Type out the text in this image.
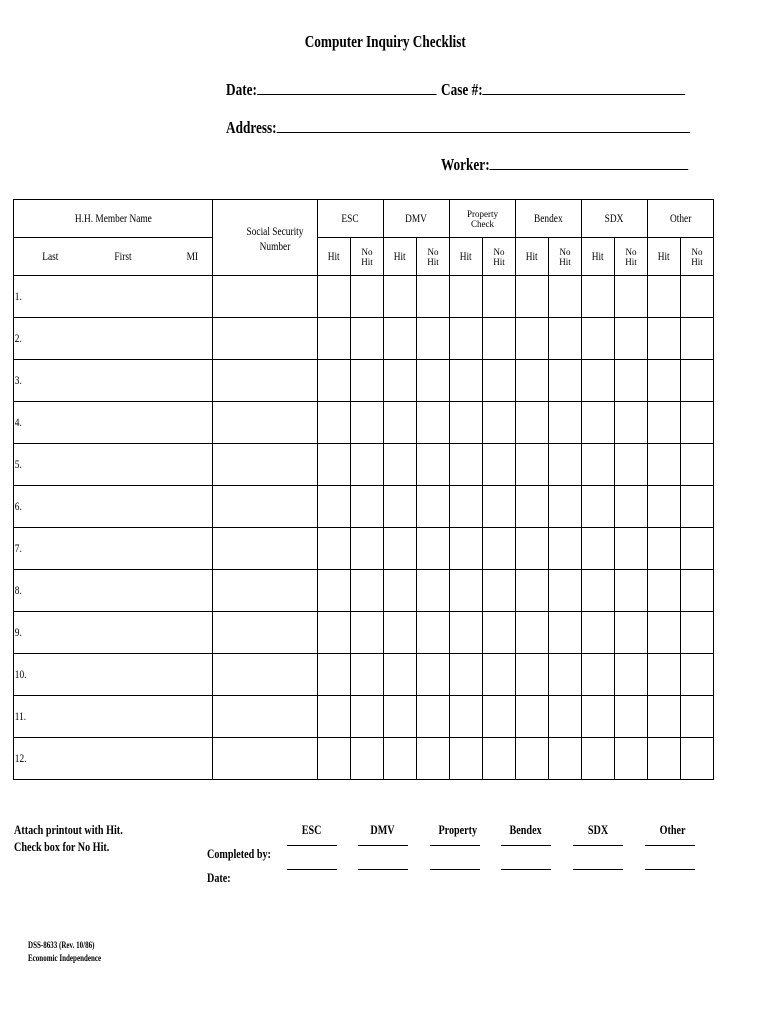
Computer Inquiry Checklist
Date:	Case #:
Address:
Worker:
H.H. Member Name	Social Security Number	ESC		DMV		Property Check		Bendex		SDX		Other	

Last First MI		Hit	No Hit	Hit	No Hit	Hit	No Hit	Hit	No Hit	Hit	No Hit	Hit	No Hit

1.													
2.													
3.													
4.													
5.													
6.													
7.													
8.													
9.													
10.													
11.													
12.													
Attach printout with Hit.
Check box for No Hit.
ESC	DMV	Property	Bendex	SDX	Other
Completed by:
Date:
DSS-8633 (Rev. 10/86)
Economic Independence
